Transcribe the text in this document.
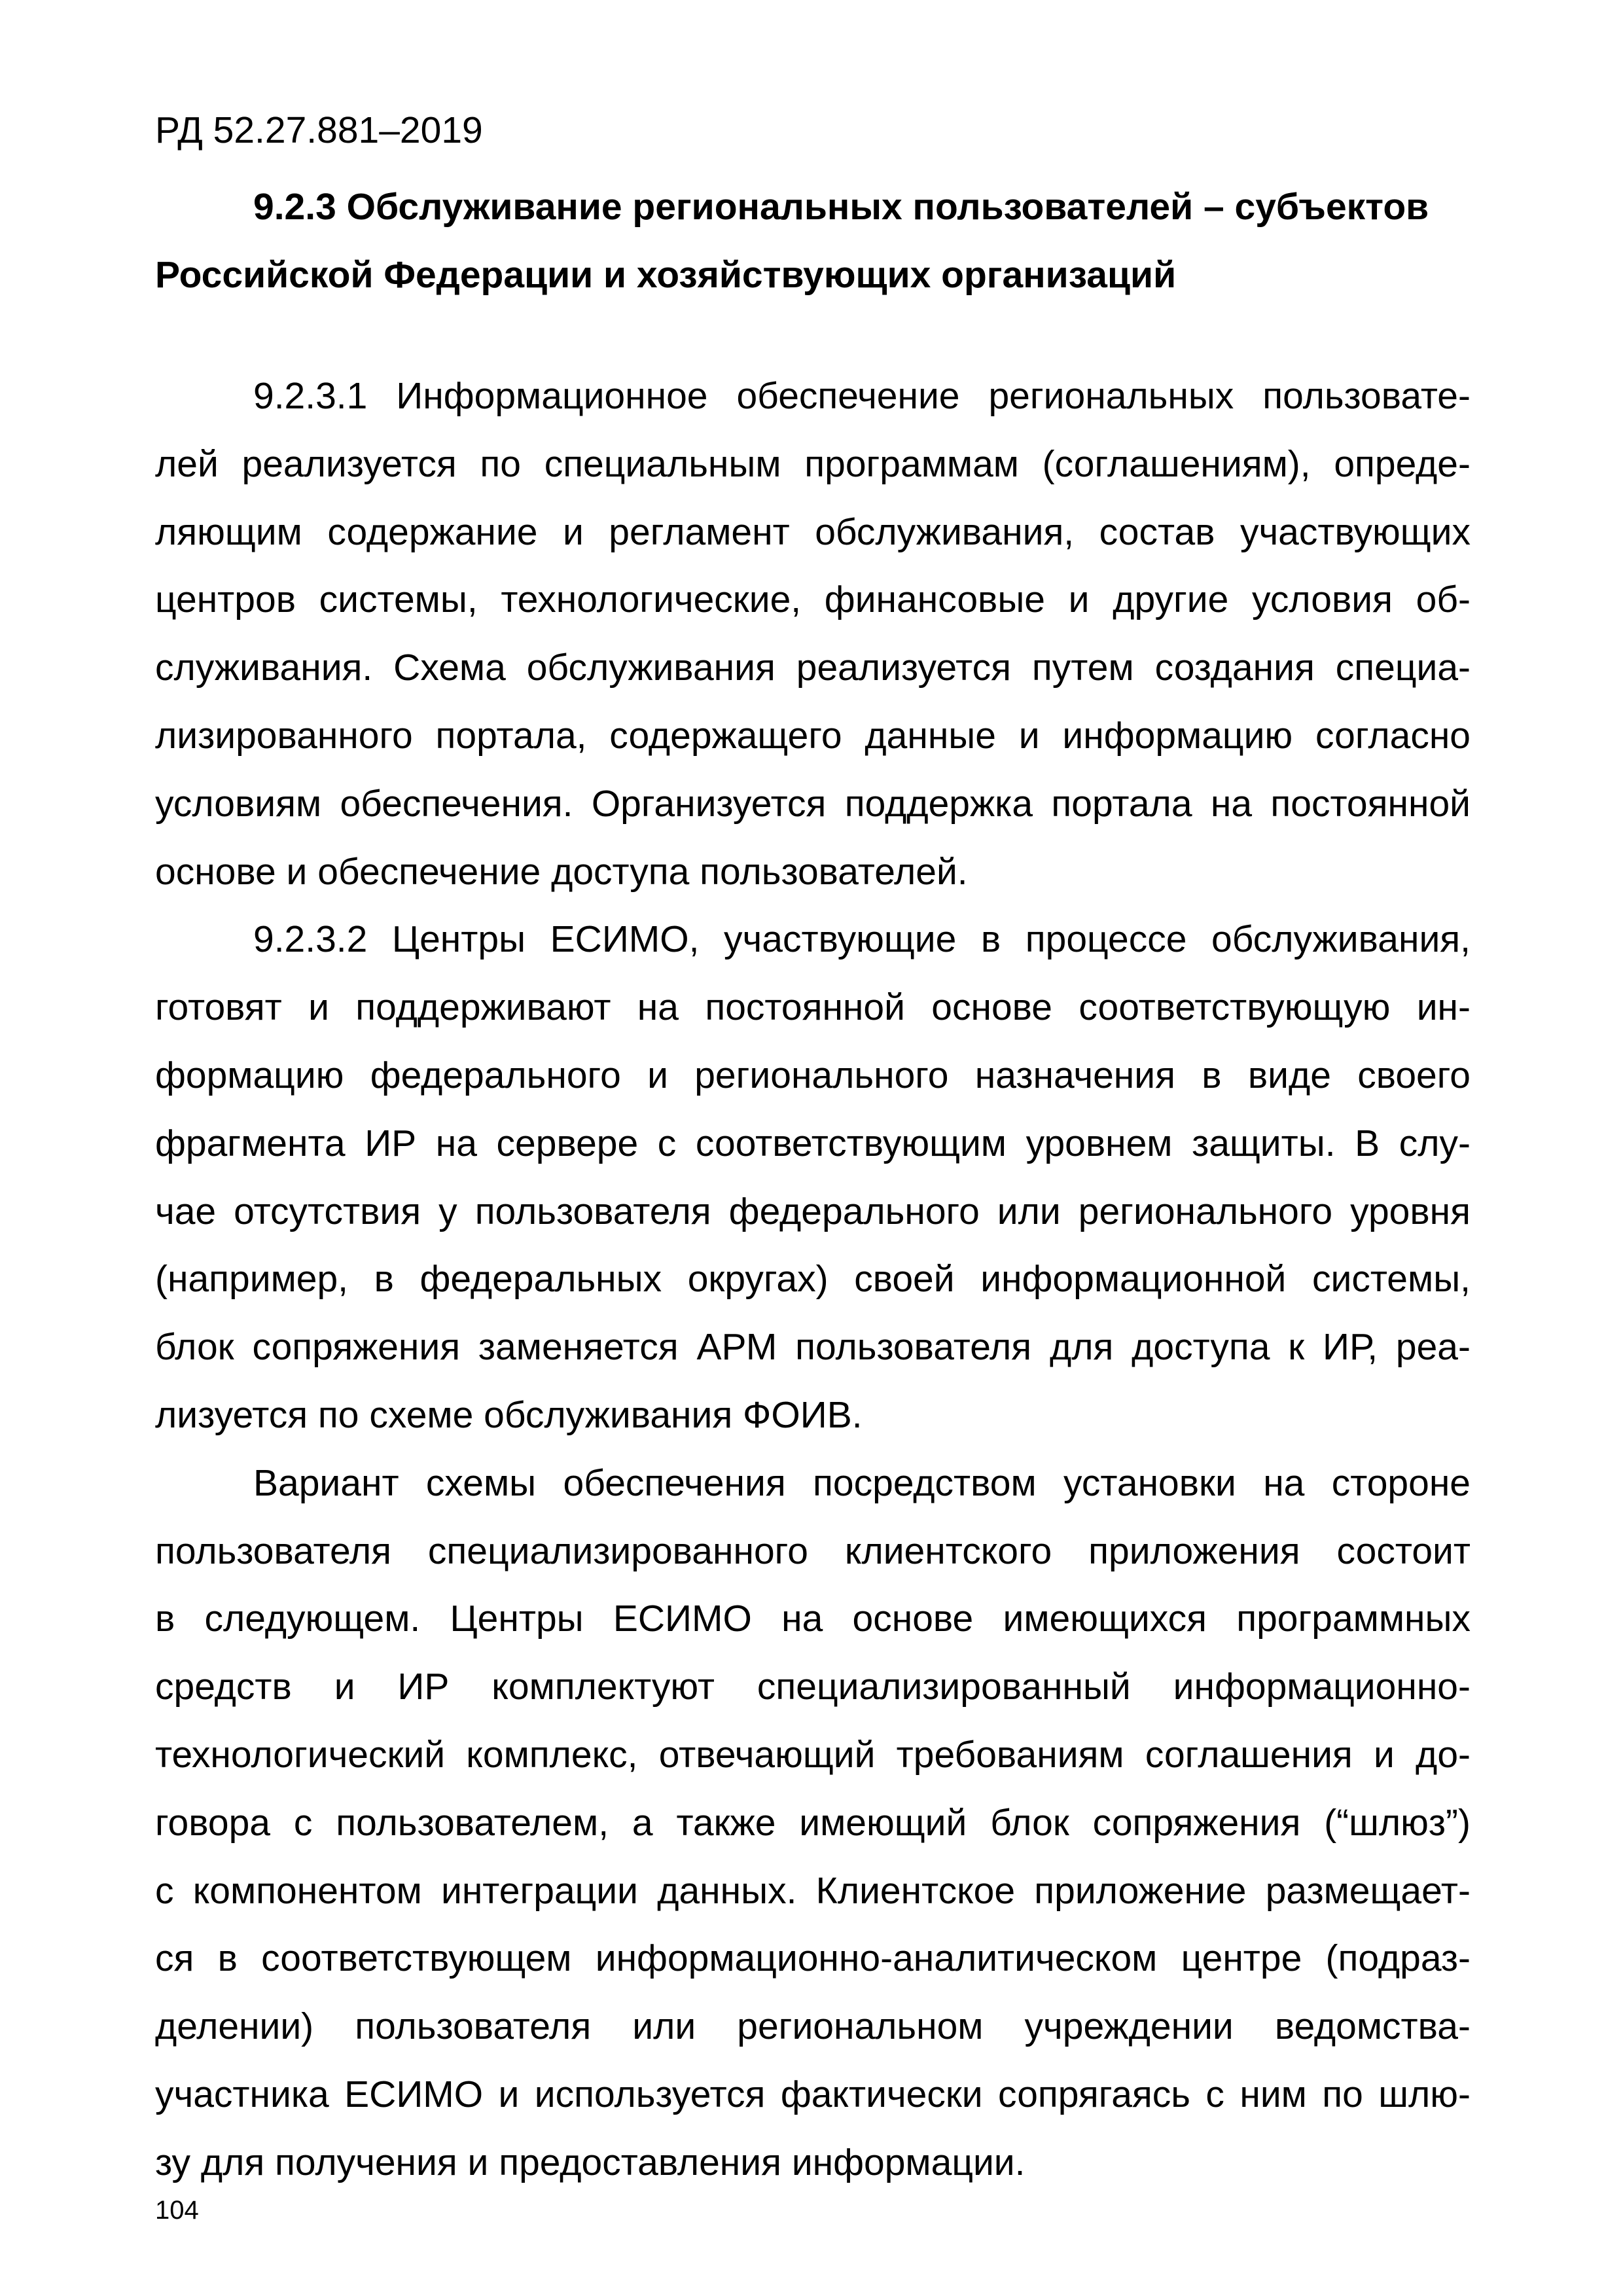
РД 52.27.881–2019
9.2.3 Обслуживание региональных пользователей – субъектов
Российской Федерации и хозяйствующих организаций
9.2.3.1 Информационное обеспечение региональных пользовате-
лей реализуется по специальным программам (соглашениям), опреде-
ляющим содержание и регламент обслуживания, состав участвующих
центров системы, технологические, финансовые и другие условия об-
служивания. Схема обслуживания реализуется путем создания специа-
лизированного портала, содержащего данные и информацию согласно
условиям обеспечения. Организуется поддержка портала на постоянной
основе и обеспечение доступа пользователей.
9.2.3.2 Центры ЕСИМО, участвующие в процессе обслуживания,
готовят и поддерживают на постоянной основе соответствующую ин-
формацию федерального и регионального назначения в виде своего
фрагмента ИР на сервере с соответствующим уровнем защиты. В слу-
чае отсутствия у пользователя федерального или регионального уровня
(например, в федеральных округах) своей информационной системы,
блок сопряжения заменяется АРМ пользователя для доступа к ИР, реа-
лизуется по схеме обслуживания ФОИВ.
Вариант схемы обеспечения посредством установки на стороне
пользователя специализированного клиентского приложения состоит
в следующем. Центры ЕСИМО на основе имеющихся программных
средств и ИР комплектуют специализированный информационно-
технологический комплекс, отвечающий требованиям соглашения и до-
говора с пользователем, а также имеющий блок сопряжения (“шлюз”)
с компонентом интеграции данных. Клиентское приложение размещает-
ся в соответствующем информационно-аналитическом центре (подраз-
делении) пользователя или региональном учреждении ведомства-
участника ЕСИМО и используется фактически сопрягаясь с ним по шлю-
зу для получения и предоставления информации.
104
